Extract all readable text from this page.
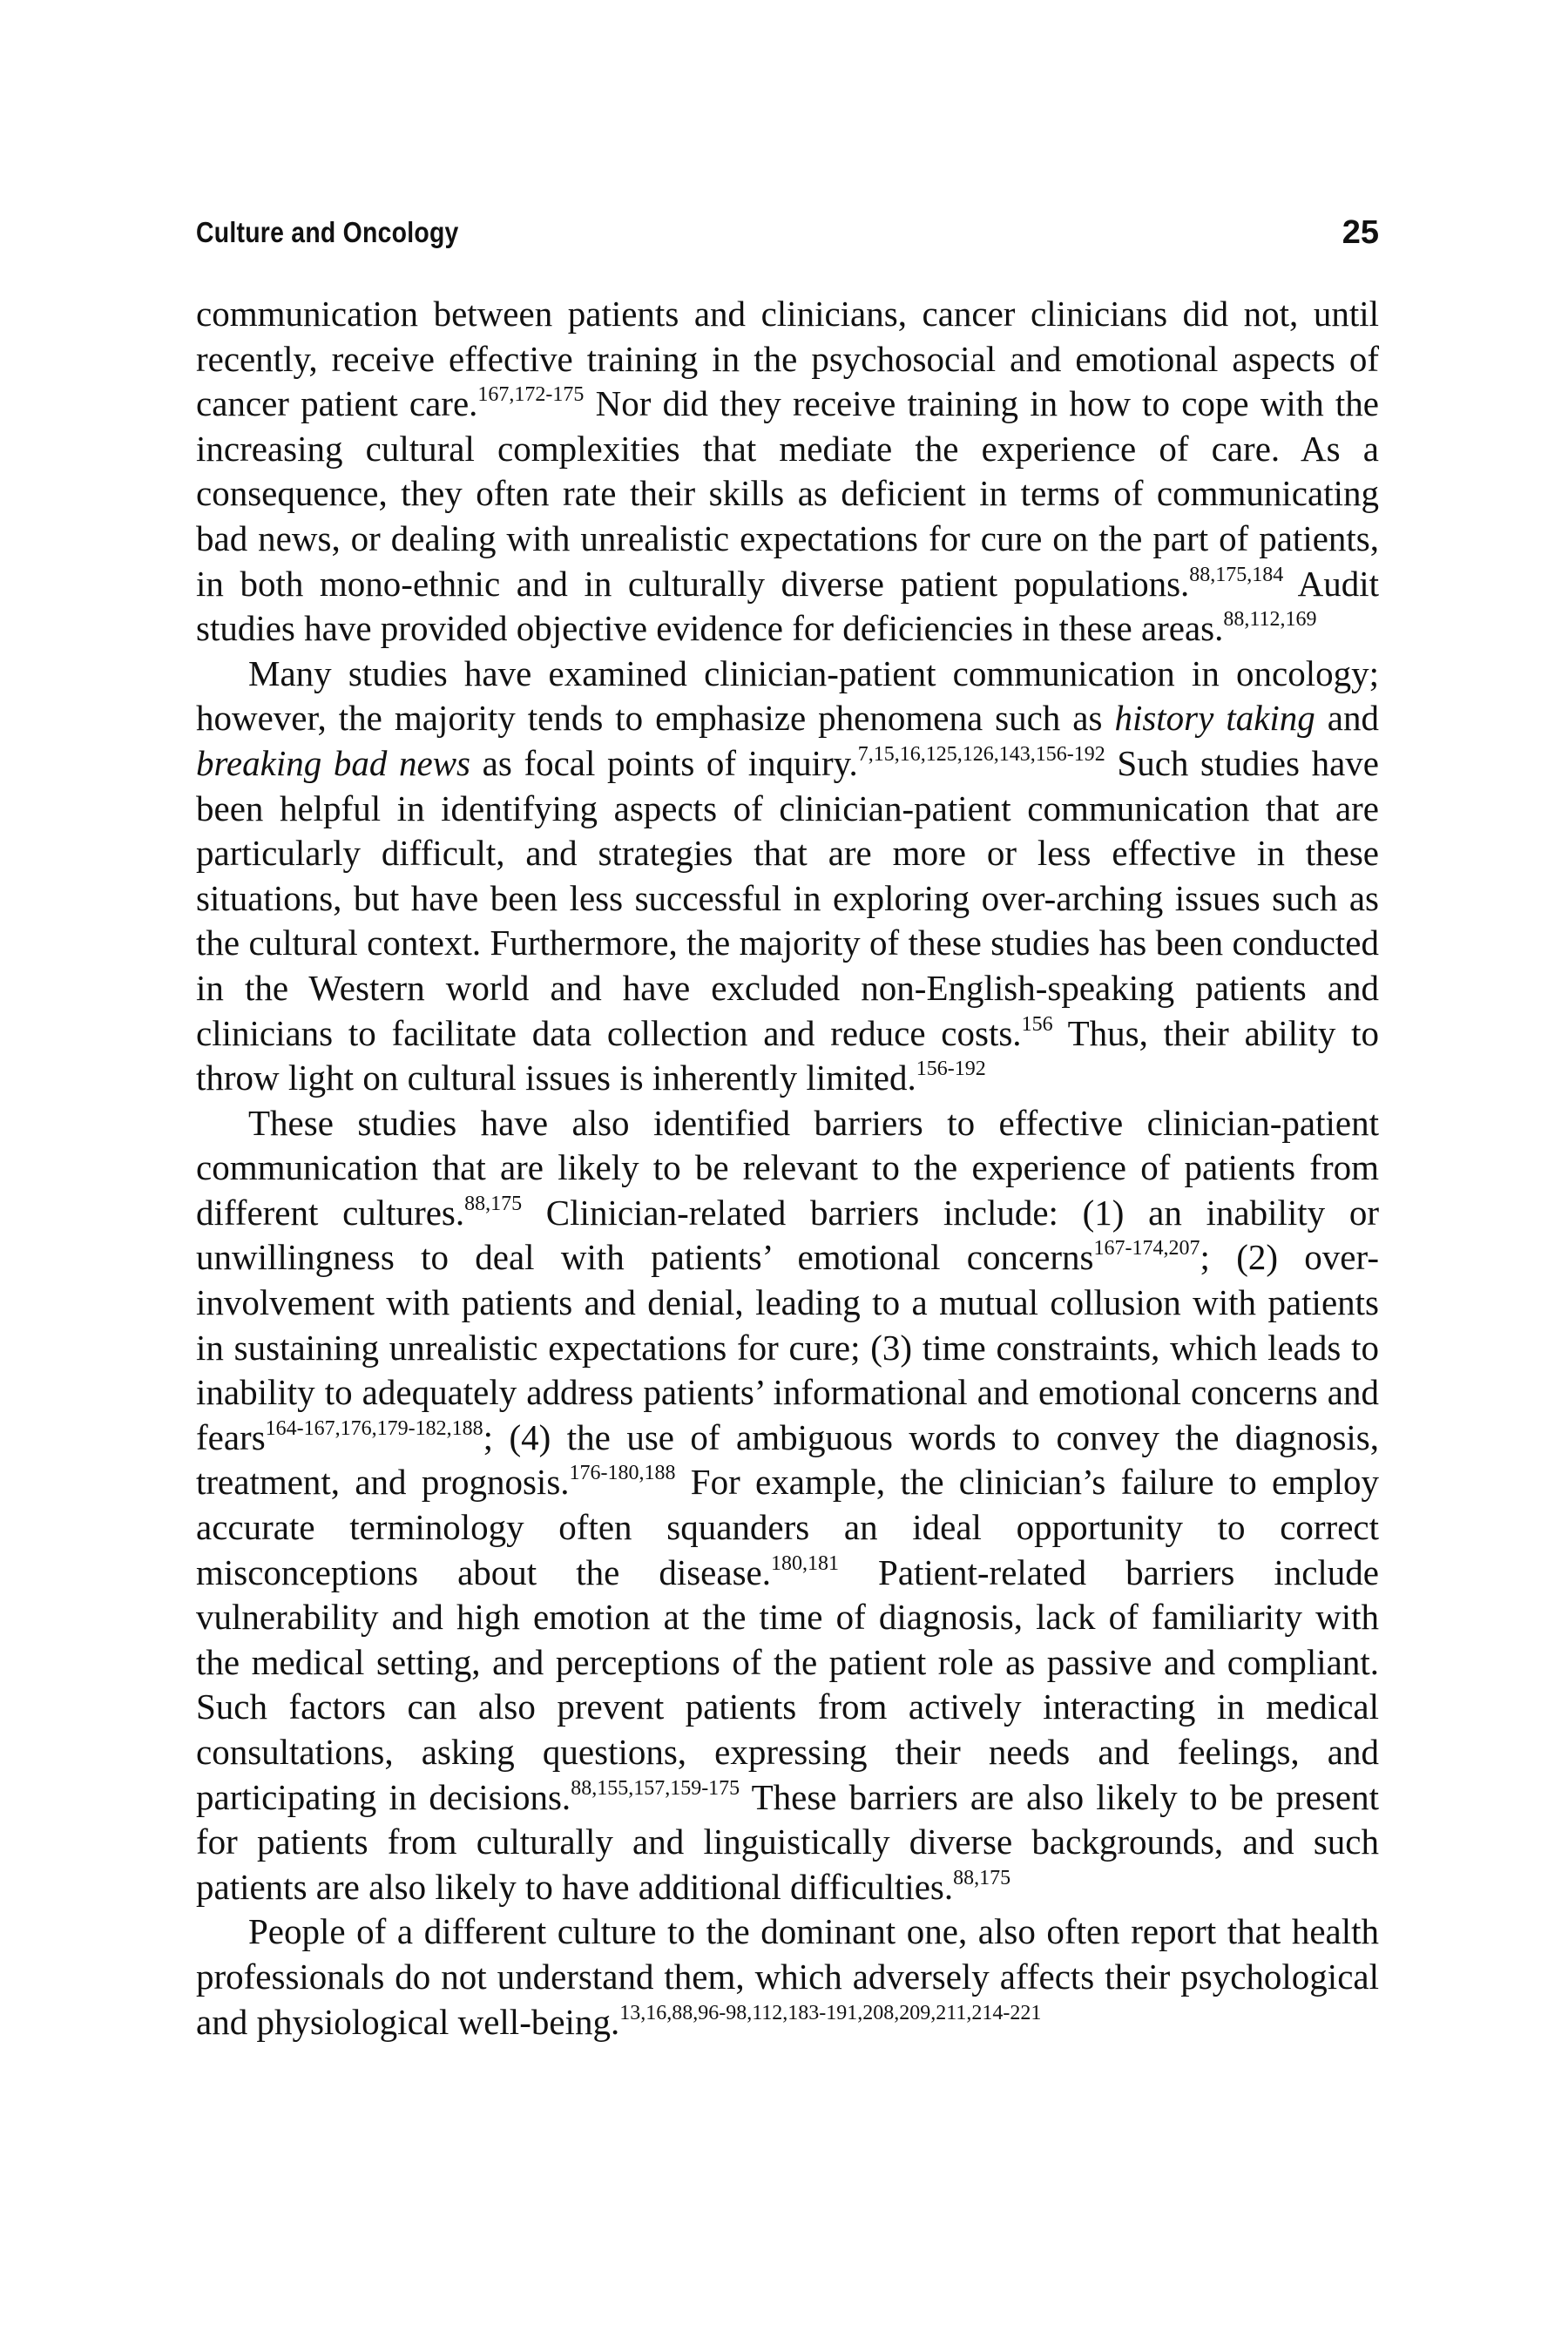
Culture and Oncology	25

communication between patients and clinicians, cancer clinicians did not, until recently, receive effective training in the psychosocial and emotional aspects of cancer patient care.$^{167,172-175}$ Nor did they receive training in how to cope with the increasing cultural complexities that mediate the experience of care. As a consequence, they often rate their skills as deficient in terms of communicating bad news, or dealing with unrealistic expectations for cure on the part of patients, in both mono-ethnic and in culturally diverse patient populations.$^{88,175,184}$ Audit studies have provided objective evidence for deficiencies in these areas.$^{88,112,169}$

Many studies have examined clinician-patient communication in oncology; however, the majority tends to emphasize phenomena such as history taking and breaking bad news as focal points of inquiry.$^{7,15,16,125,126,143,156-192}$ Such studies have been helpful in identifying aspects of clinician-patient communication that are particularly difficult, and strategies that are more or less effective in these situations, but have been less successful in exploring over-arching issues such as the cultural context. Furthermore, the majority of these studies has been conducted in the Western world and have excluded non-English-speaking patients and clinicians to facilitate data collection and reduce costs.$^{156}$ Thus, their ability to throw light on cultural issues is inherently limited.$^{156-192}$

These studies have also identified barriers to effective clinician-patient communication that are likely to be relevant to the experience of patients from different cultures.$^{88,175}$ Clinician-related barriers include: (1) an inability or unwillingness to deal with patients’ emotional concerns$^{167-174,207}$; (2) over-involvement with patients and denial, leading to a mutual collusion with patients in sustaining unrealistic expectations for cure; (3) time constraints, which leads to inability to adequately address patients’ informational and emotional concerns and fears$^{164-167,176,179-182,188}$; (4) the use of ambiguous words to convey the diagnosis, treatment, and prognosis.$^{176-180,188}$ For example, the clinician’s failure to employ accurate terminology often squanders an ideal opportunity to correct misconceptions about the disease.$^{180,181}$ Patient-related barriers include vulnerability and high emotion at the time of diagnosis, lack of familiarity with the medical setting, and perceptions of the patient role as passive and compliant. Such factors can also prevent patients from actively interacting in medical consultations, asking questions, expressing their needs and feelings, and participating in decisions.$^{88,155,157,159-175}$ These barriers are also likely to be present for patients from culturally and linguistically diverse backgrounds, and such patients are also likely to have additional difficulties.$^{88,175}$

People of a different culture to the dominant one, also often report that health professionals do not understand them, which adversely affects their psychological and physiological well-being.$^{13,16,88,96-98,112,183-191,208,209,211,214-221}$
